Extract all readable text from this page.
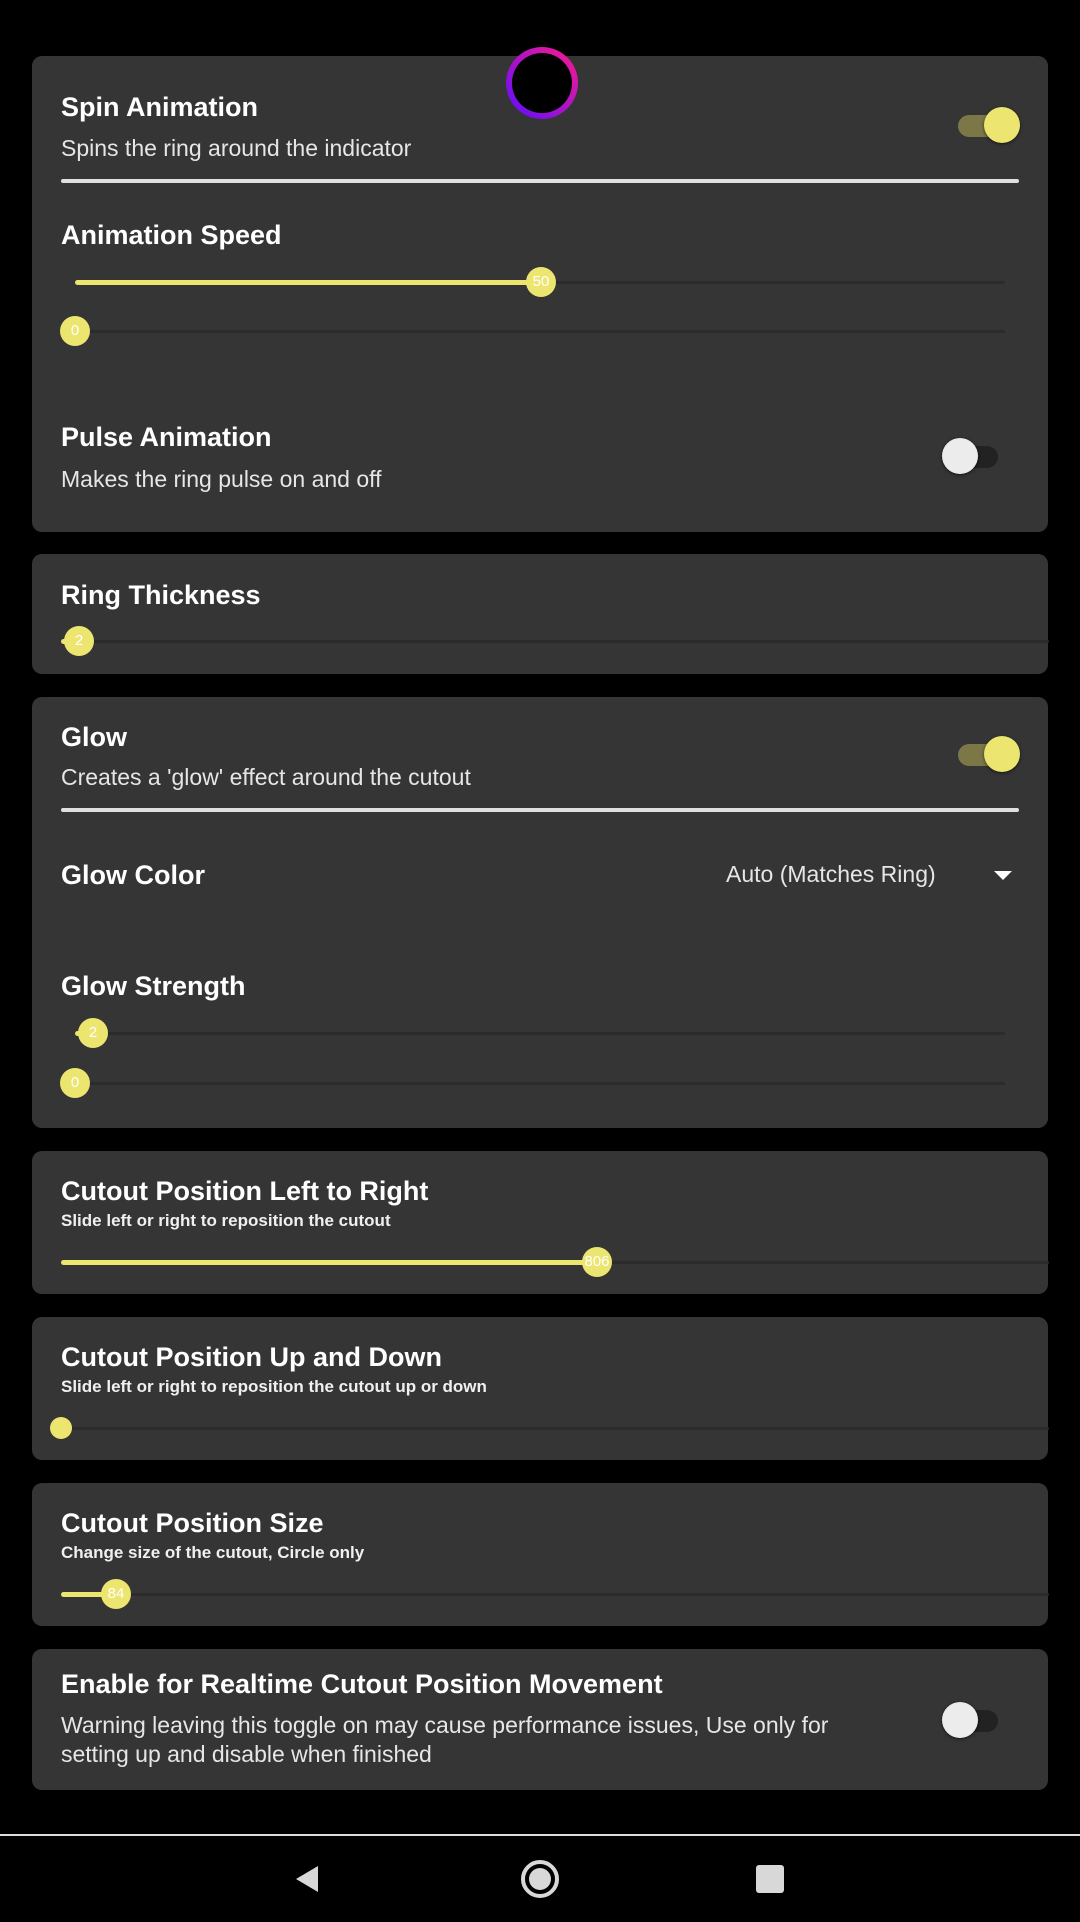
Spin Animation
Spins the ring around the indicator
Animation Speed
50
0
Pulse Animation
Makes the ring pulse on and off
Ring Thickness
2
Glow
Creates a 'glow' effect around the cutout
Glow Color	Auto (Matches Ring)
Glow Strength
2
0
Cutout Position Left to Right
Slide left or right to reposition the cutout
806
Cutout Position Up and Down
Slide left or right to reposition the cutout up or down
Cutout Position Size
Change size of the cutout, Circle only
84
Enable for Realtime Cutout Position Movement
Warning leaving this toggle on may cause performance issues, Use only for
setting up and disable when finished
